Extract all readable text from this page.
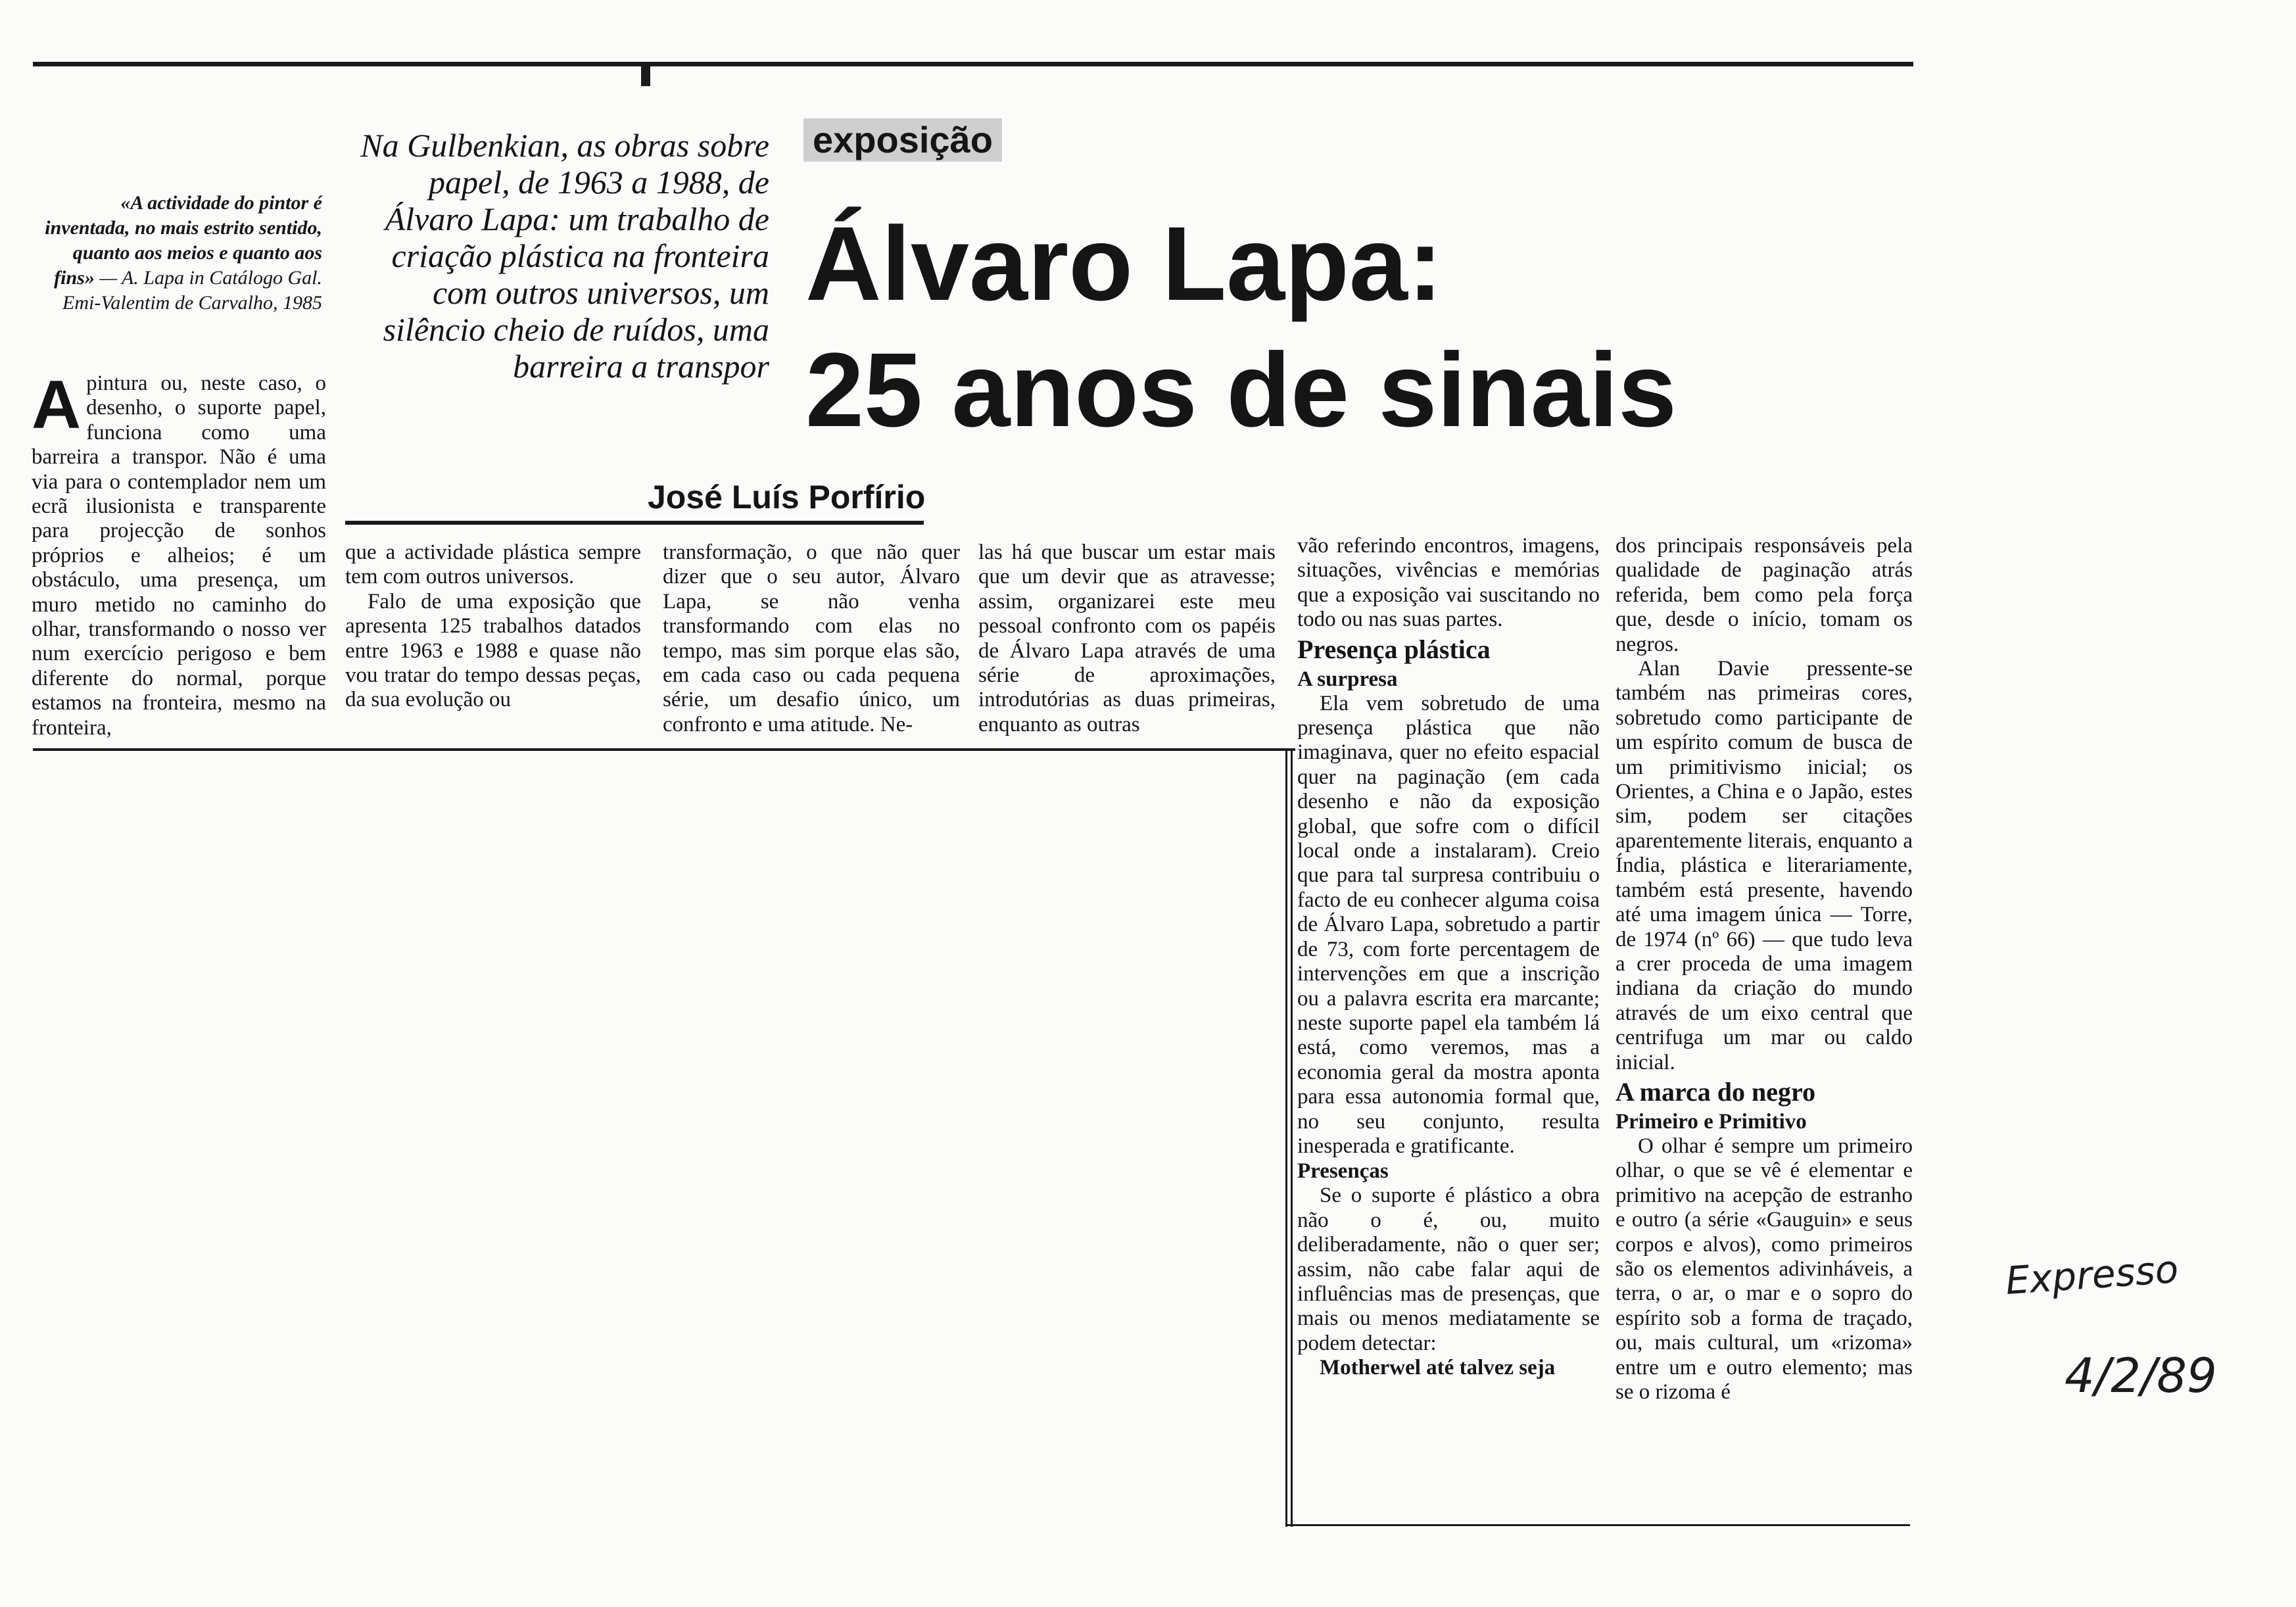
«A actividade do pintor é inventada, no mais estrito sentido, quanto aos meios e quanto aos fins» — A. Lapa in Catálogo Gal. Emi-Valentim de Carvalho, 1985
Na Gulbenkian, as obras sobre papel, de 1963 a 1988, de Álvaro Lapa: um trabalho de criação plástica na fronteira com outros universos, um silêncio cheio de ruídos, uma barreira a transpor
exposição
Álvaro Lapa:
25 anos de sinais
José Luís Porfírio
A pintura ou, neste caso, o desenho, o suporte papel, funciona como uma barreira a transpor. Não é uma via para o contemplador nem um ecrã ilusionista e transparente para projecção de sonhos próprios e alheios; é um obstáculo, uma presença, um muro metido no caminho do olhar, transformando o nosso ver num exercício perigoso e bem diferente do normal, porque estamos na fronteira, mesmo na fronteira,

que a actividade plástica sempre tem com outros universos.

Falo de uma exposição que apresenta 125 trabalhos datados entre 1963 e 1988 e quase não vou tratar do tempo dessas peças, da sua evolução ou

transformação, o que não quer dizer que o seu autor, Álvaro Lapa, se não venha transformando com elas no tempo, mas sim porque elas são, em cada caso ou cada pequena série, um desafio único, um confronto e uma atitude. Ne-

las há que buscar um estar mais que um devir que as atravesse; assim, organizarei este meu pessoal confronto com os papéis de Álvaro Lapa através de uma série de aproximações, introdutórias as duas primeiras, enquanto as outras

vão referindo encontros, imagens, situações, vivências e memórias que a exposição vai suscitando no todo ou nas suas partes.

Presença plástica

A surpresa

Ela vem sobretudo de uma presença plástica que não imaginava, quer no efeito espacial quer na paginação (em cada desenho e não da exposição global, que sofre com o difícil local onde a instalaram). Creio que para tal surpresa contribuiu o facto de eu conhecer alguma coisa de Álvaro Lapa, sobretudo a partir de 73, com forte percentagem de intervenções em que a inscrição ou a palavra escrita era marcante; neste suporte papel ela também lá está, como veremos, mas a economia geral da mostra aponta para essa autonomia formal que, no seu conjunto, resulta inesperada e gratificante.

Presenças

Se o suporte é plástico a obra não o é, ou, muito deliberadamente, não o quer ser; assim, não cabe falar aqui de influências mas de presenças, que mais ou menos mediatamente se podem detectar:

Motherwel até talvez seja

dos principais responsáveis pela qualidade de paginação atrás referida, bem como pela força que, desde o início, tomam os negros.

Alan Davie pressente-se também nas primeiras cores, sobretudo como participante de um espírito comum de busca de um primitivismo inicial; os Orientes, a China e o Japão, estes sim, podem ser citações aparentemente literais, enquanto a Índia, plástica e literariamente, também está presente, havendo até uma imagem única — Torre, de 1974 (nº 66) — que tudo leva a crer proceda de uma imagem indiana da criação do mundo através de um eixo central que centrifuga um mar ou caldo inicial.

A marca do negro

Primeiro e Primitivo

O olhar é sempre um primeiro olhar, o que se vê é elementar e primitivo na acepção de estranho e outro (a série «Gauguin» e seus corpos e alvos), como primeiros são os elementos adivinháveis, a terra, o ar, o mar e o sopro do espírito sob a forma de traçado, ou, mais cultural, um «rizoma» entre um e outro elemento; mas se o rizoma é

Expresso
4/2/89
